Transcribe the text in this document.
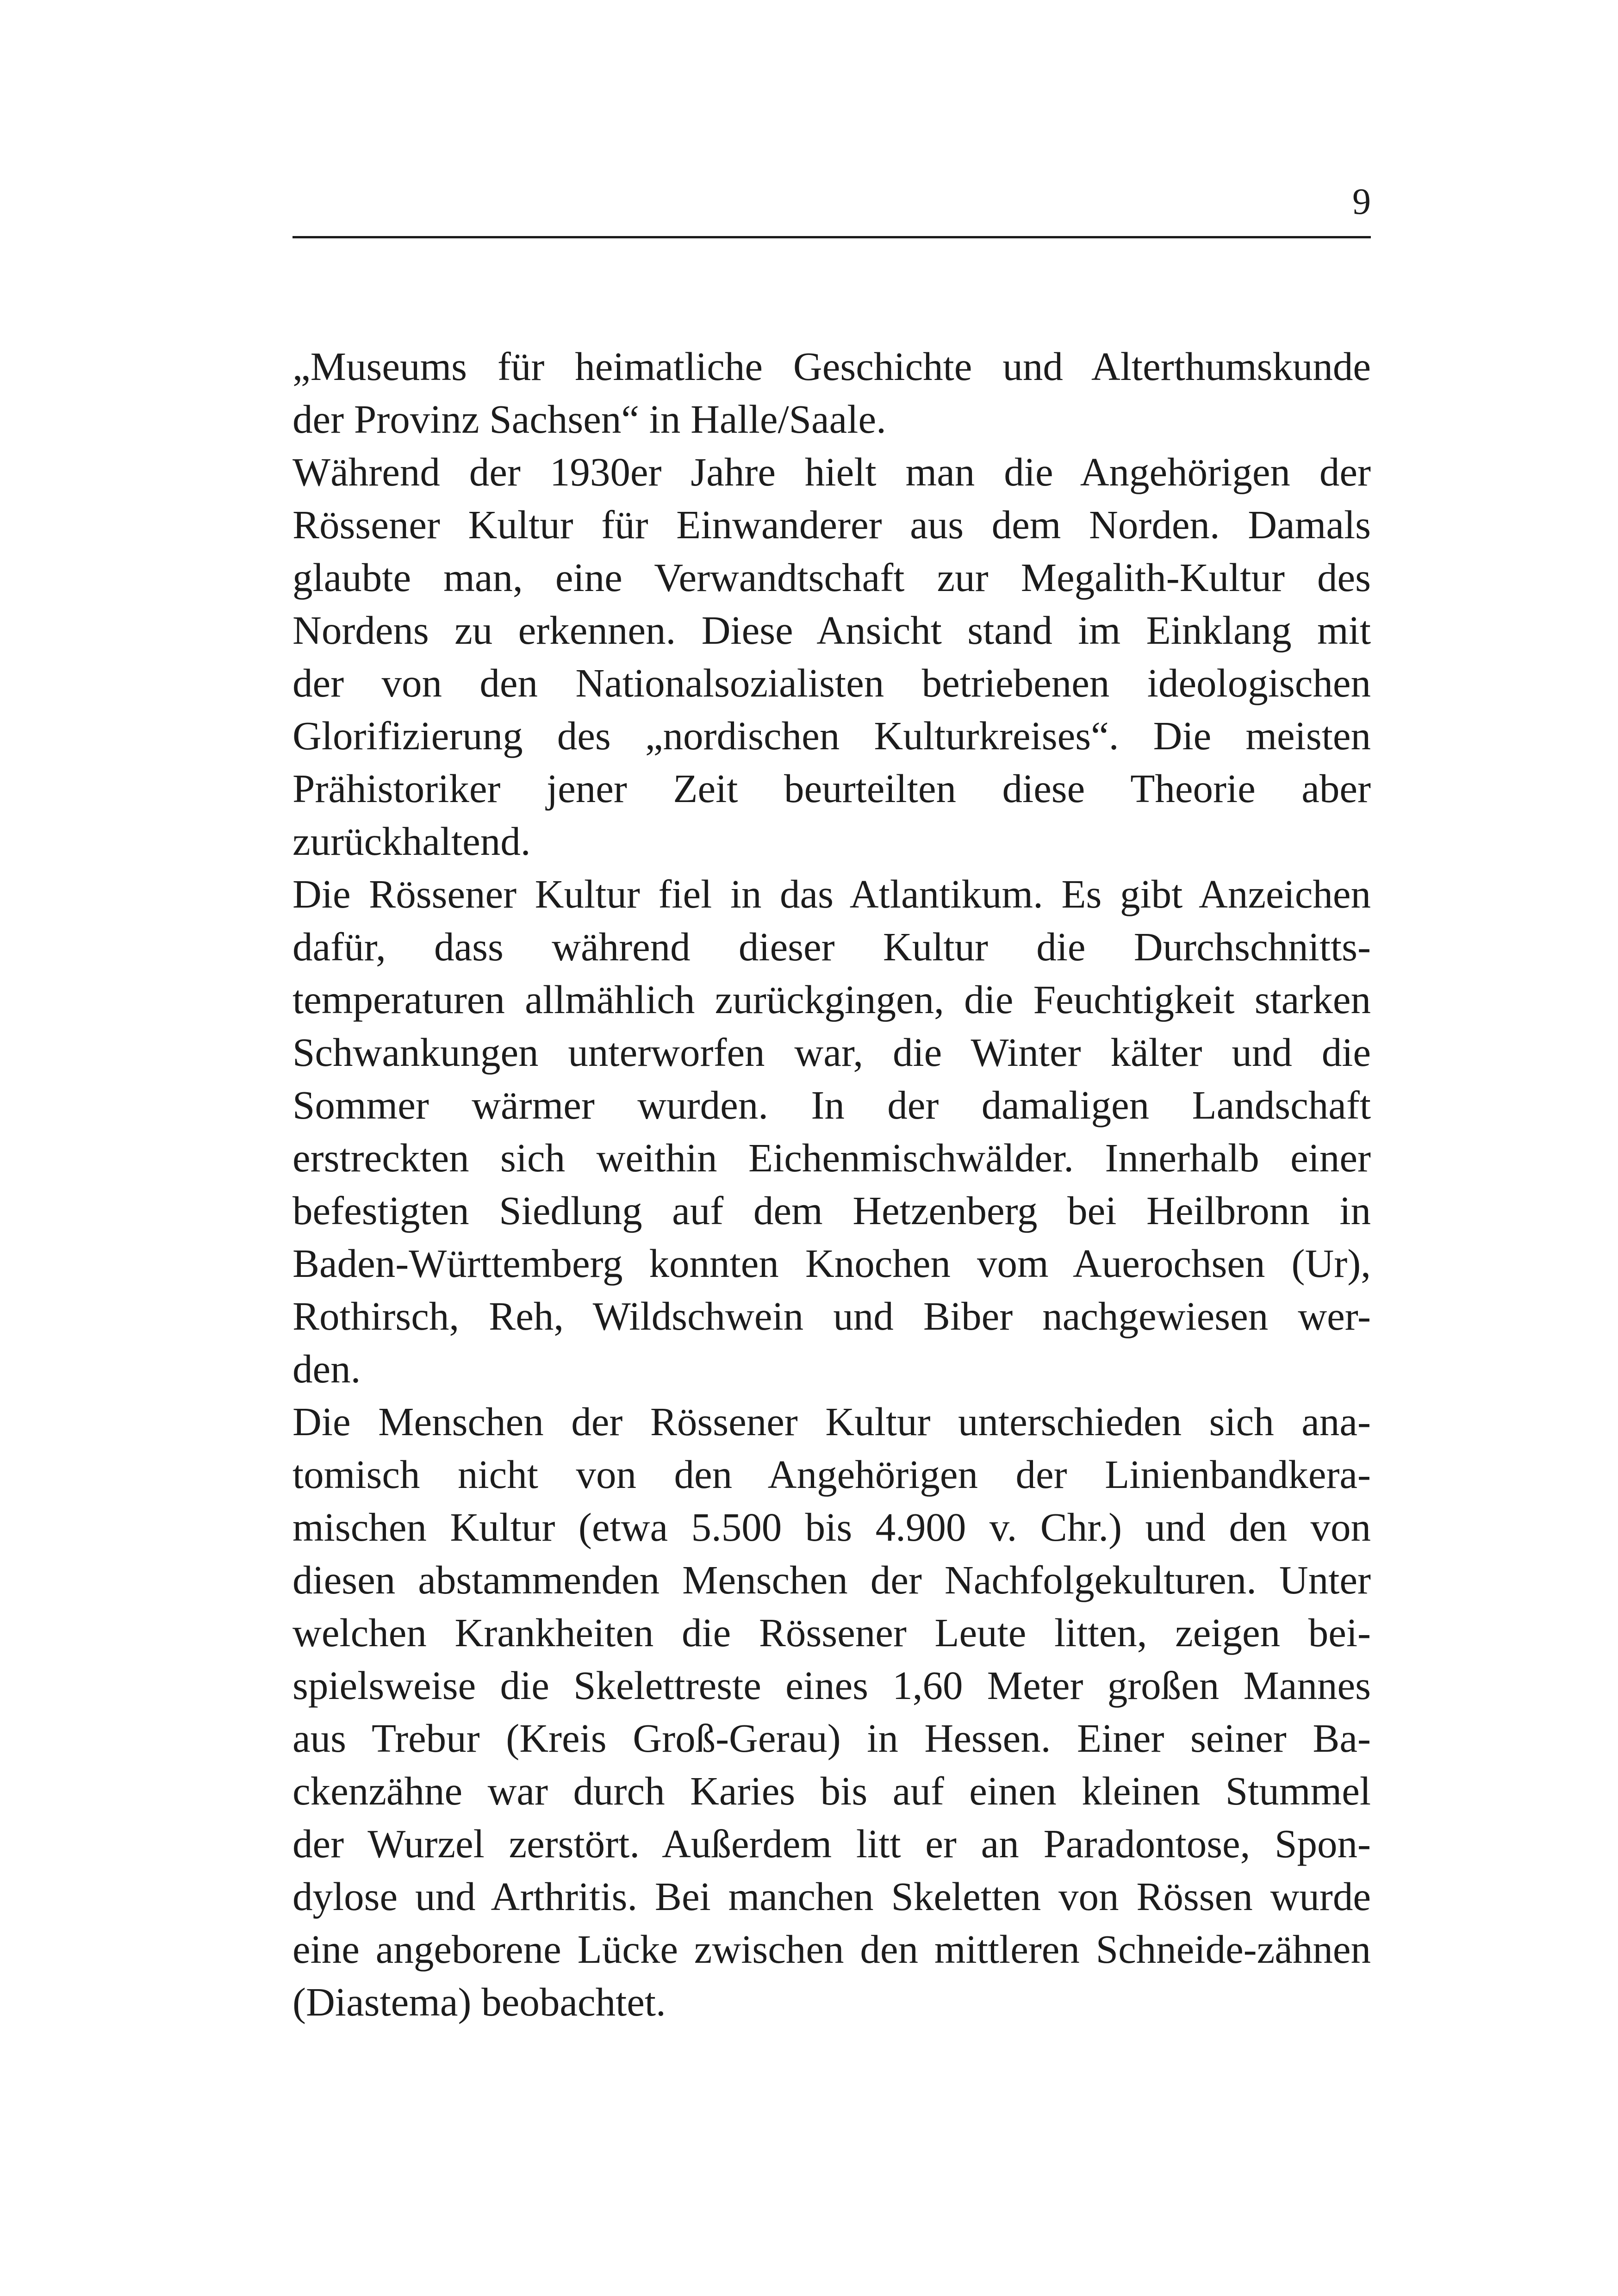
9
„Museums für heimatliche Geschichte und Alterthumskunde
der Provinz Sachsen“ in Halle/Saale.
Während der 1930er Jahre hielt man die Angehörigen der
Rössener Kultur für Einwanderer aus dem Norden. Damals
glaubte man, eine Verwandtschaft zur Megalith-Kultur des
Nordens zu erkennen. Diese Ansicht stand im Einklang mit
der von den Nationalsozialisten betriebenen ideologischen
Glorifizierung des „nordischen Kulturkreises“. Die meisten
Prähistoriker jener Zeit beurteilten diese Theorie aber
zurückhaltend.
Die Rössener Kultur fiel in das Atlantikum. Es gibt Anzeichen
dafür, dass während dieser Kultur die Durchschnitts-
temperaturen allmählich zurückgingen, die Feuchtigkeit starken
Schwankungen unterworfen war, die Winter kälter und die
Sommer wärmer wurden. In der damaligen Landschaft
erstreckten sich weithin Eichenmischwälder. Innerhalb einer
befestigten Siedlung auf dem Hetzenberg bei Heilbronn in
Baden-Württemberg konnten Knochen vom Auerochsen (Ur),
Rothirsch, Reh, Wildschwein und Biber nachgewiesen wer-
den.
Die Menschen der Rössener Kultur unterschieden sich ana-
tomisch nicht von den Angehörigen der Linienbandkera-
mischen Kultur (etwa 5.500 bis 4.900 v. Chr.) und den von
diesen abstammenden Menschen der Nachfolgekulturen. Unter
welchen Krankheiten die Rössener Leute litten, zeigen bei-
spielsweise die Skelettreste eines 1,60 Meter großen Mannes
aus Trebur (Kreis Groß-Gerau) in Hessen. Einer seiner Ba-
ckenzähne war durch Karies bis auf einen kleinen Stummel
der Wurzel zerstört. Außerdem litt er an Paradontose, Spon-
dylose und Arthritis. Bei manchen Skeletten von Rössen wurde
eine angeborene Lücke zwischen den mittleren Schneide-zähnen
(Diastema) beobachtet.
